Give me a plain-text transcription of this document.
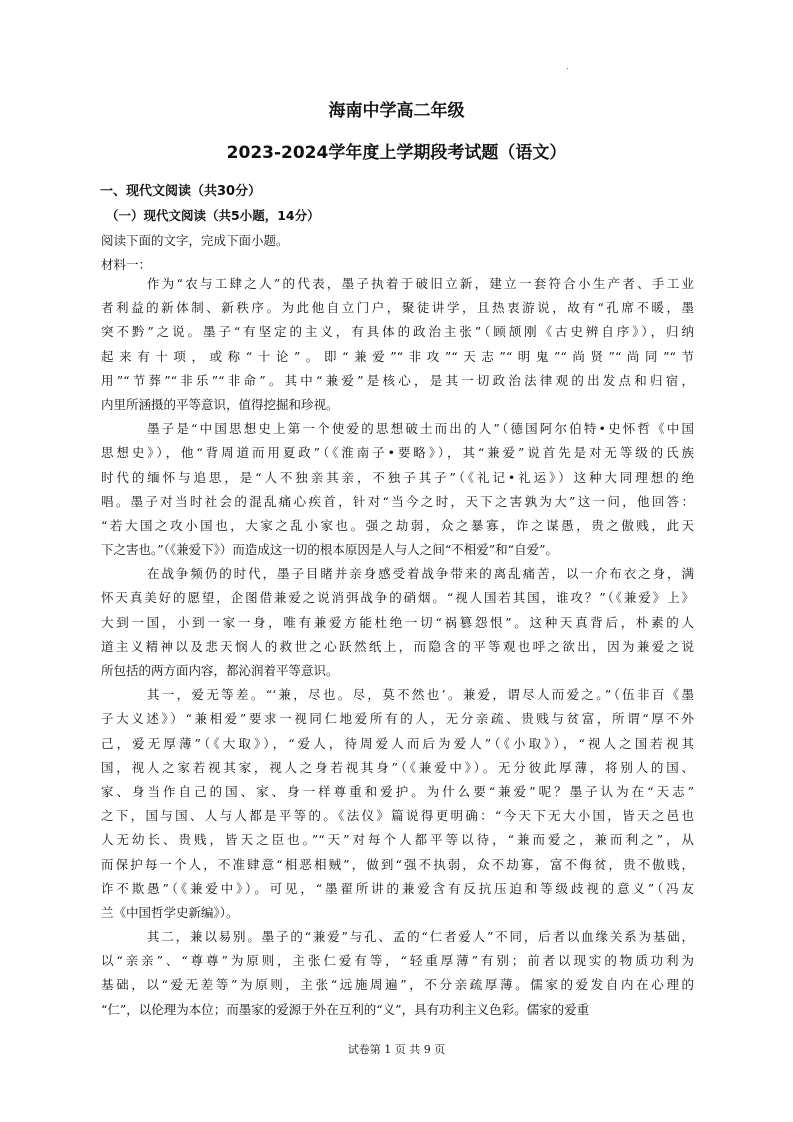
.
海南中学高二年级
2023-2024学年度上学期段考试题（语文）
一、现代文阅读（共30分）
（一）现代文阅读（共5小题，14分）
阅读下面的文字，完成下面小题。
材料一：
作为“农与工肆之人”的代表，墨子执着于破旧立新，建立一套符合小生产者、手工业
者利益的新体制、新秩序。为此他自立门户，聚徒讲学，且热衷游说，故有“孔席不暖，墨
突不黔”之说。墨子“有坚定的主义，有具体的政治主张”（顾颉刚《古史辨自序》），归纳
起来有十项，或称“十论”。即“兼爱”“非攻”“天志”“明鬼”“尚贤”“尚同”“节
用”“节葬”“非乐”“非命”。其中“兼爱”是核心，是其一切政治法律观的出发点和归宿，
内里所涵摄的平等意识，值得挖掘和珍视。
墨子是“中国思想史上第一个使爱的思想破土而出的人”（德国阿尔伯特•史怀哲《中国
思想史》），他“背周道而用夏政”（《淮南子•要略》），其“兼爱”说首先是对无等级的氏族
时代的缅怀与追思，是“人不独亲其亲，不独子其子”（《礼记•礼运》）这种大同理想的绝
唱。墨子对当时社会的混乱痛心疾首，针对“当今之时，天下之害孰为大”这一问，他回答：
“若大国之攻小国也，大家之乱小家也。强之劫弱，众之暴寡，诈之谋愚，贵之傲贱，此天
下之害也。”（《兼爱下》）而造成这一切的根本原因是人与人之间“不相爱”和“自爱”。
在战争频仍的时代，墨子目睹并亲身感受着战争带来的离乱痛苦，以一介布衣之身，满
怀天真美好的愿望，企图借兼爱之说消弭战争的硝烟。“视人国若其国，谁攻？”（《兼爱》上》
大到一国，小到一家一身，唯有兼爱方能杜绝一切“祸篡怨恨”。这种天真背后，朴素的人
道主义精神以及悲天悯人的救世之心跃然纸上，而隐含的平等观也呼之欲出，因为兼爱之说
所包括的两方面内容，都沁润着平等意识。
其一，爱无等差。“‘兼，尽也。尽，莫不然也’。兼爱，谓尽人而爱之。”（伍非百《墨
子大义述》）“兼相爱”要求一视同仁地爱所有的人，无分亲疏、贵贱与贫富，所谓“厚不外
己，爱无厚薄”（《大取》），“爱人，待周爱人而后为爱人”（《小取》），“视人之国若视其
国，视人之家若视其家，视人之身若视其身”（《兼爱中》）。无分彼此厚薄，将别人的国、
家、身当作自己的国、家、身一样尊重和爱护。为什么要“兼爱”呢？墨子认为在“天志”
之下，国与国、人与人都是平等的。《法仪》篇说得更明确：“今天下无大小国，皆天之邑也
人无幼长、贵贱，皆天之臣也。”“天”对每个人都平等以待，“兼而爱之，兼而利之”，从
而保护每一个人，不准肆意“相恶相贼”，做到“强不执弱，众不劫寡，富不侮贫，贵不傲贱，
诈不欺愚”（《兼爱中》）。可见，“墨翟所讲的兼爱含有反抗压迫和等级歧视的意义”（冯友
兰《中国哲学史新编》）。
其二，兼以易别。墨子的“兼爱”与孔、孟的“仁者爱人”不同，后者以血缘关系为基础，
以“亲亲”、“尊尊”为原则，主张仁爱有等，“轻重厚薄”有别；前者以现实的物质功利为
基础，以“爱无差等”为原则，主张“远施周遍”，不分亲疏厚薄。儒家的爱发自内在心理的
“仁”，以伦理为本位；而墨家的爱源于外在互利的“义”，具有功利主义色彩。儒家的爱重
试卷第 1 页 共 9 页
